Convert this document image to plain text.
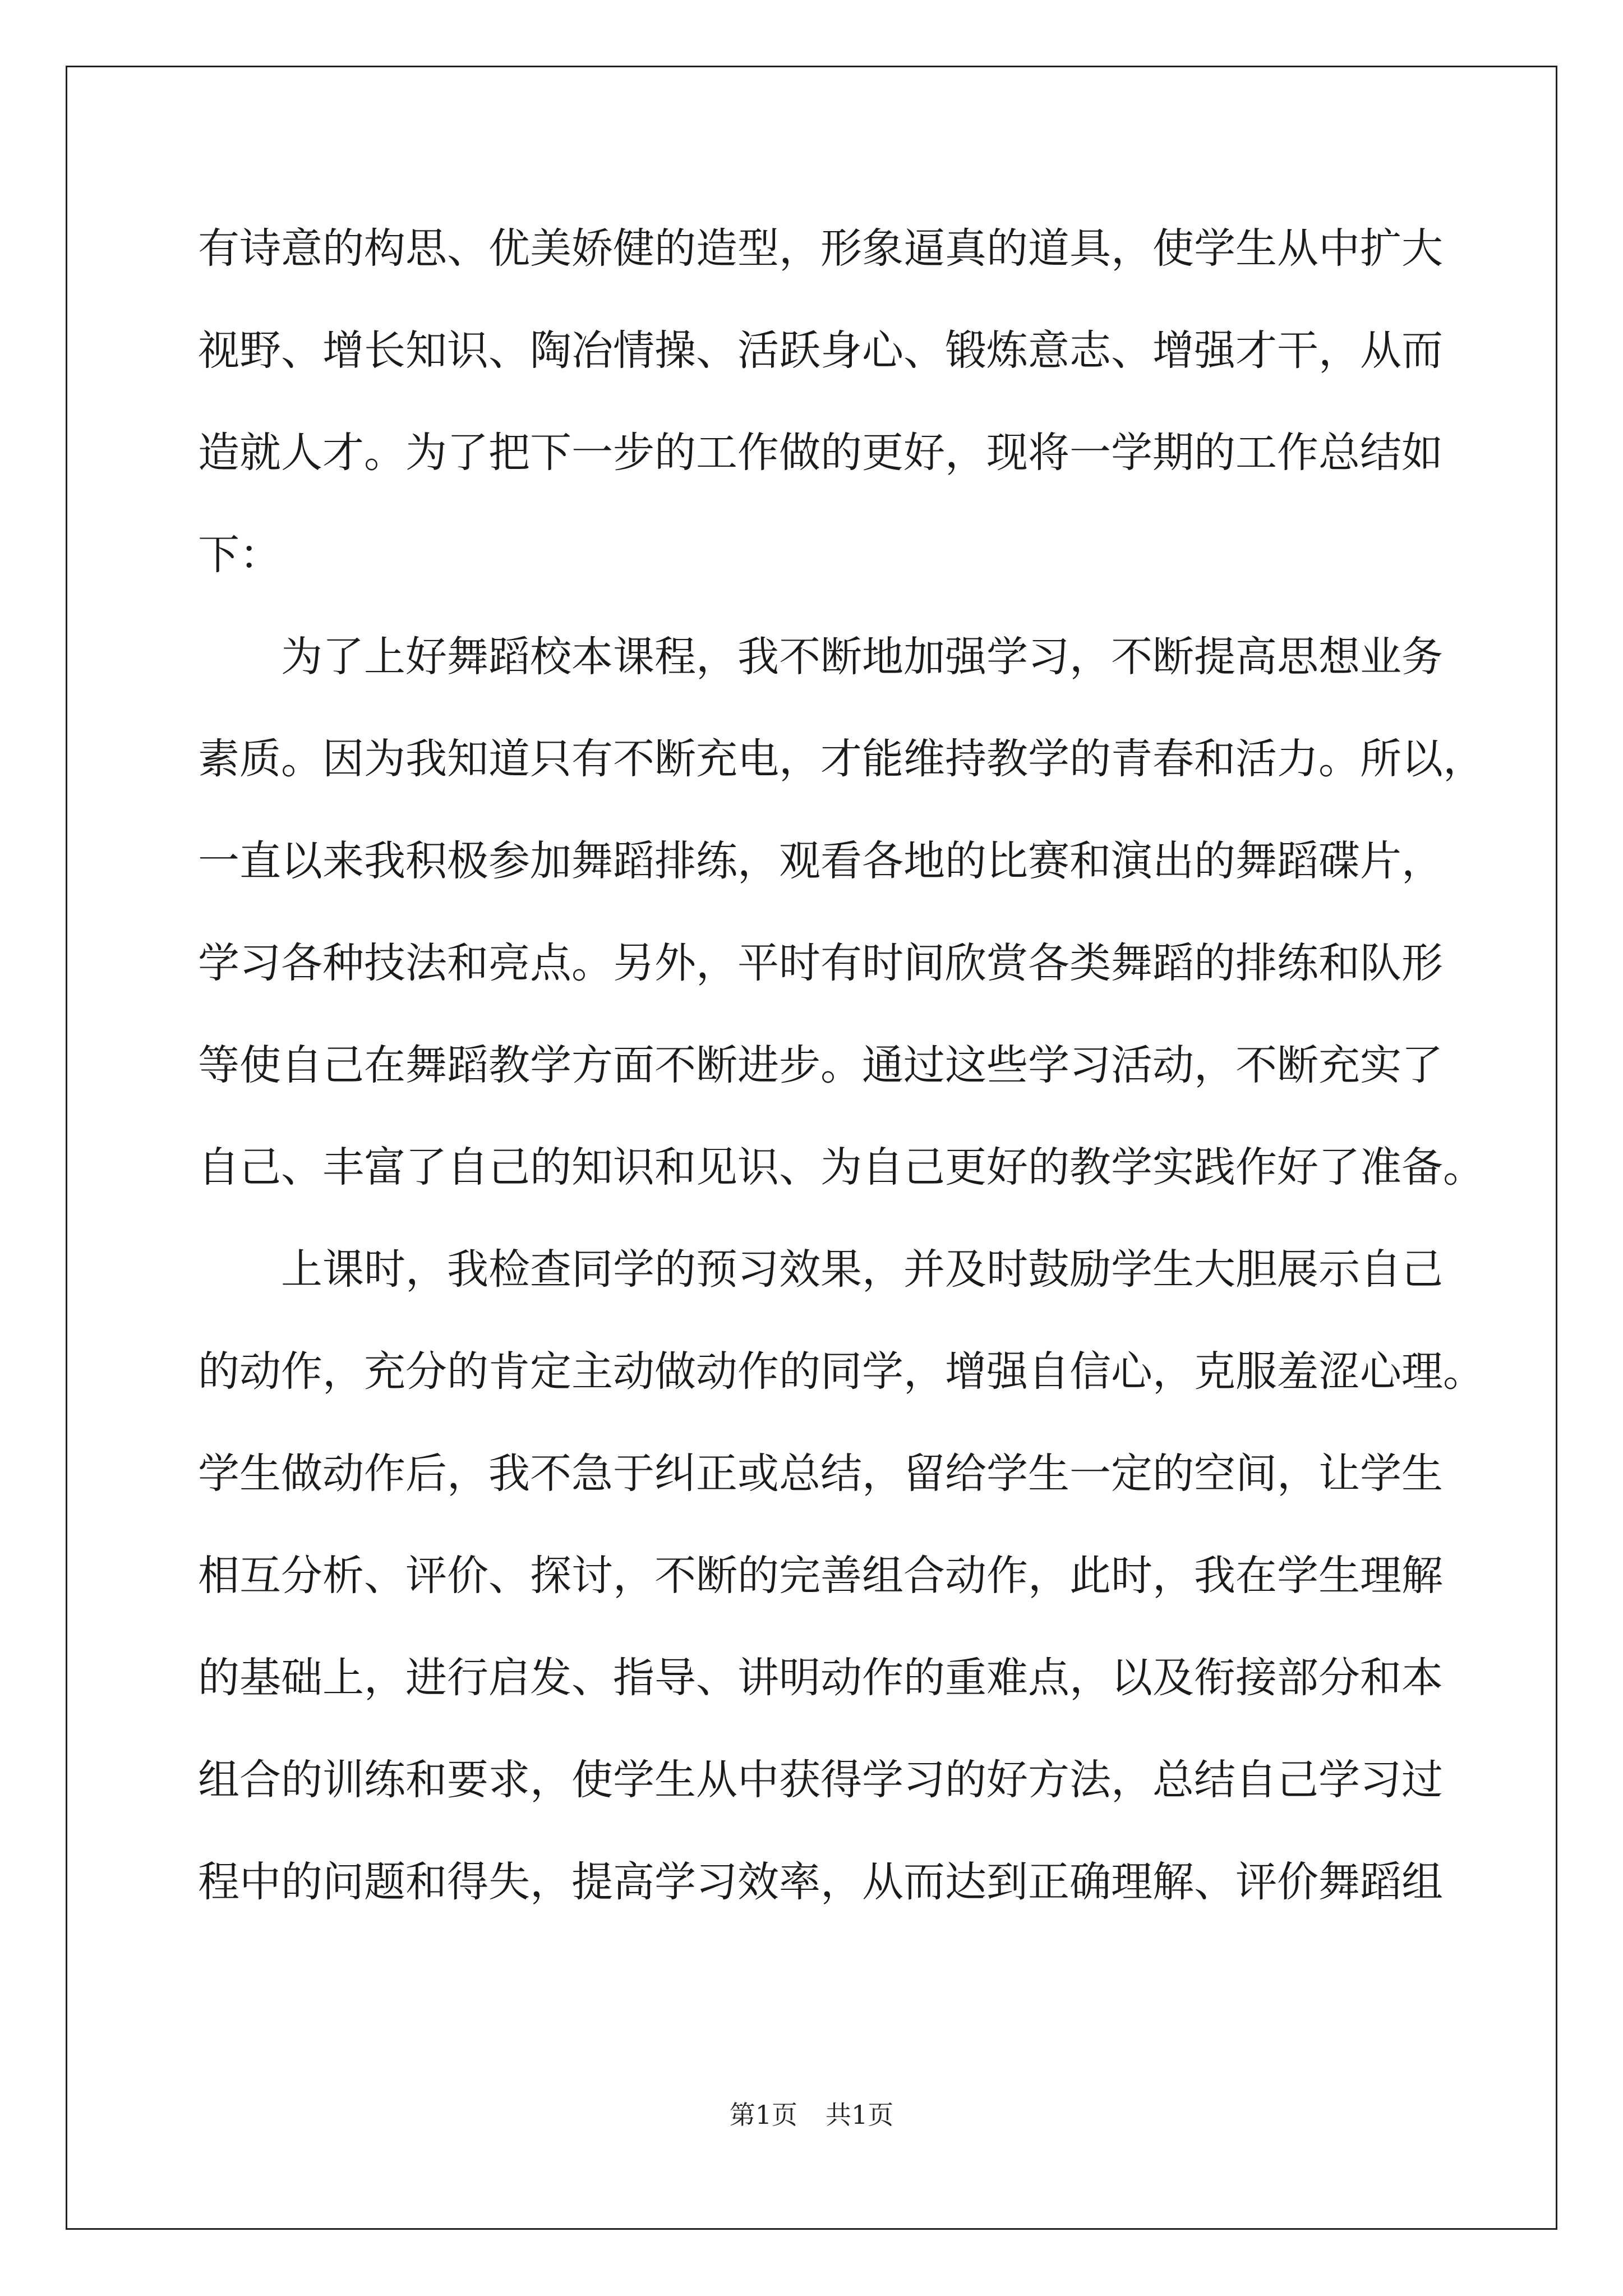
有诗意的构思、优美娇健的造型，形象逼真的道具，使学生从中扩大
视野、增长知识、陶冶情操、活跃身心、锻炼意志、增强才干，从而
造就人才。为了把下一步的工作做的更好，现将一学期的工作总结如
下：
为了上好舞蹈校本课程，我不断地加强学习，不断提高思想业务
素质。因为我知道只有不断充电，才能维持教学的青春和活力。所以，
一直以来我积极参加舞蹈排练，观看各地的比赛和演出的舞蹈碟片，
学习各种技法和亮点。另外，平时有时间欣赏各类舞蹈的排练和队形
等使自己在舞蹈教学方面不断进步。通过这些学习活动，不断充实了
自己、丰富了自己的知识和见识、为自己更好的教学实践作好了准备。
上课时，我检查同学的预习效果，并及时鼓励学生大胆展示自己
的动作，充分的肯定主动做动作的同学，增强自信心，克服羞涩心理。
学生做动作后，我不急于纠正或总结，留给学生一定的空间，让学生
相互分析、评价、探讨，不断的完善组合动作，此时，我在学生理解
的基础上，进行启发、指导、讲明动作的重难点，以及衔接部分和本
组合的训练和要求，使学生从中获得学习的好方法，总结自己学习过
程中的问题和得失，提高学习效率，从而达到正确理解、评价舞蹈组
第1页 共1页
